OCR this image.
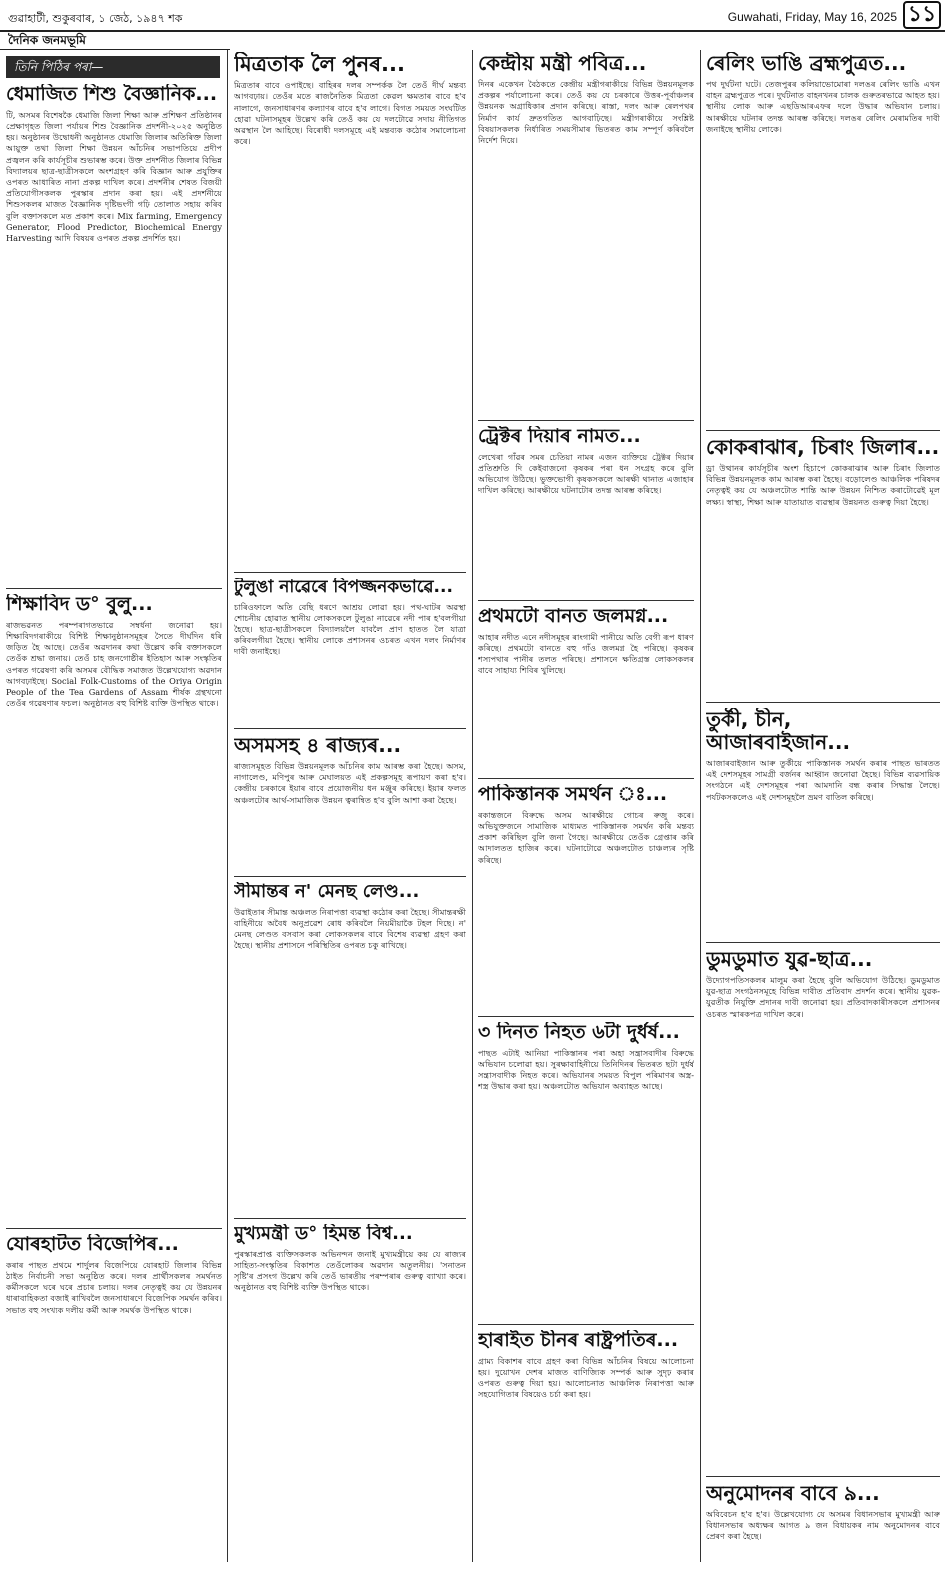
গুৱাহাটী, শুকুৰবাৰ, ১ জেঠ, ১৯৪৭ শক	Guwahati, Friday, May 16, 2025 ১১
দৈনিক জনমভূমি
তিনি পিঠিৰ পৰা—
ধেমাজিত শিশু বৈজ্ঞানিক...
টি, অসমৰ বিশেষকৈ ধেমাজি জিলা শিক্ষা আৰু প্ৰশিক্ষণ প্ৰতিষ্ঠানৰ প্ৰেক্ষাগৃহত জিলা পৰ্যায়ৰ শিশু বৈজ্ঞানিক প্ৰদৰ্শনী-২০২৫ অনুষ্ঠিত হয়। অনুষ্ঠানৰ উদ্বোধনী অনুষ্ঠানত ধেমাজি জিলাৰ অতিৰিক্ত জিলা আয়ুক্ত তথা জিলা শিক্ষা উন্নয়ন আঁচনিৰ সভাপতিয়ে প্ৰদীপ প্ৰজ্বলন কৰি কাৰ্যসূচীৰ শুভাৰম্ভ কৰে। উক্ত প্ৰদৰ্শনীত জিলাৰ বিভিন্ন বিদ্যালয়ৰ ছাত্ৰ-ছাত্ৰীসকলে অংশগ্ৰহণ কৰি বিজ্ঞান আৰু প্ৰযুক্তিৰ ওপৰত আধাৰিত নানা প্ৰকল্প দাখিল কৰে। প্ৰদৰ্শনীৰ শেষত বিজয়ী প্ৰতিযোগীসকলক পুৰস্কাৰ প্ৰদান কৰা হয়। এই প্ৰদৰ্শনীয়ে শিশুসকলৰ মাজত বৈজ্ঞানিক দৃষ্টিভংগী গঢ়ি তোলাত সহায় কৰিব বুলি বক্তাসকলে মত প্ৰকাশ কৰে। Mix farming, Emergency Generator, Flood Predictor, Biochemical Energy Harvesting আদি বিষয়ৰ ওপৰত প্ৰকল্প প্ৰদৰ্শিত হয়।
শিক্ষাবিদ ড° বুলু...
ৰাজভৱনত পৰম্পৰাগতভাৱে সম্বৰ্ধনা জনোৱা হয়। শিক্ষাবিদগৰাকীয়ে বিশিষ্ট শিক্ষানুষ্ঠানসমূহৰ সৈতে দীৰ্ঘদিন ধৰি জড়িত হৈ আছে। তেওঁৰ অৱদানৰ কথা উল্লেখ কৰি বক্তাসকলে তেওঁক শ্ৰদ্ধা জনায়। তেওঁ চাহ জনগোষ্ঠীৰ ইতিহাস আৰু সংস্কৃতিৰ ওপৰত গৱেষণা কৰি অসমৰ বৌদ্ধিক সমাজত উল্লেখযোগ্য অৱদান আগবঢ়াইছে। Social Folk-Customs of the Oriya Origin People of the Tea Gardens of Assam শীৰ্ষক গ্ৰন্থখনো তেওঁৰ গৱেষণাৰ ফচল। অনুষ্ঠানত বহু বিশিষ্ট ব্যক্তি উপস্থিত থাকে।
যোৰহাটত বিজেপিৰ...
কৰাৰ পাছত প্ৰথমে শাৰ্দুলৰ বিজেপিয়ে যোৰহাট জিলাৰ বিভিন্ন ঠাইত নিৰ্বাচনী সভা অনুষ্ঠিত কৰে। দলৰ প্ৰাৰ্থীসকলৰ সমৰ্থনত কৰ্মীসকলে ঘৰে ঘৰে প্ৰচাৰ চলায়। দলৰ নেতৃত্বই কয় যে উন্নয়নৰ ধাৰাবাহিকতা বজাই ৰাখিবলৈ জনসাধাৰণে বিজেপিক সমৰ্থন কৰিব। সভাত বহু সংখ্যক দলীয় কৰ্মী আৰু সমৰ্থক উপস্থিত থাকে।
মিত্ৰতাক লৈ পুনৰ...
মিত্ৰতাৰ বাবে ওপাইছে। বাহিৰৰ দলৰ সম্পৰ্কক লৈ তেওঁ দীৰ্ঘ মন্তব্য আগবঢ়ায়। তেওঁৰ মতে ৰাজনৈতিক মিত্ৰতা কেৱল ক্ষমতাৰ বাবে হ'ব নালাগে, জনসাধাৰণৰ কল্যাণৰ বাবে হ'ব লাগে। বিগত সময়ত সংঘটিত হোৱা ঘটনাসমূহৰ উল্লেখ কৰি তেওঁ কয় যে দলটোৱে সদায় নীতিগত অৱস্থান লৈ আহিছে। বিৰোধী দলসমূহে এই মন্তব্যক কঠোৰ সমালোচনা কৰে।
টুলুঙা নাৱেৰে বিপজ্জনকভাৱে...
চাৰিওফালে অতি বেছি ধৰণে আশ্ৰয় লোৱা হয়। পথ-ঘাটৰ অৱস্থা শোচনীয় হোৱাত স্থানীয় লোকসকলে টুলুঙা নাৱেৰে নদী পাৰ হ'বলগীয়া হৈছে। ছাত্ৰ-ছাত্ৰীসকলে বিদ্যালয়লৈ যাবলৈ প্ৰাণ হাতত লৈ যাত্ৰা কৰিবলগীয়া হৈছে। স্থানীয় লোকে প্ৰশাসনৰ ওচৰত এখন দলং নিৰ্মাণৰ দাবী জনাইছে।
অসমসহ ৪ ৰাজ্যৰ...
ৰাজ্যসমূহত বিভিন্ন উন্নয়নমূলক আঁচনিৰ কাম আৰম্ভ কৰা হৈছে। অসম, নাগালেণ্ড, মণিপুৰ আৰু মেঘালয়ত এই প্ৰকল্পসমূহ ৰূপায়ণ কৰা হ'ব। কেন্দ্ৰীয় চৰকাৰে ইয়াৰ বাবে প্ৰয়োজনীয় ধন মঞ্জুৰ কৰিছে। ইয়াৰ ফলত অঞ্চলটোৰ আৰ্থ-সামাজিক উন্নয়ন ত্বৰান্বিত হ'ব বুলি আশা কৰা হৈছে।
সীমান্তৰ ন' মেনছ লেণ্ড...
উৱাইতাৰ সীমান্ত অঞ্চলত নিৰাপত্তা ব্যৱস্থা কঠোৰ কৰা হৈছে। সীমান্তৰক্ষী বাহিনীয়ে অবৈধ অনুপ্ৰৱেশ ৰোধ কৰিবলৈ নিয়মীয়াকৈ টহল দিছে। ন' মেনছ লেণ্ডত বসবাস কৰা লোকসকলৰ বাবে বিশেষ ব্যৱস্থা গ্ৰহণ কৰা হৈছে। স্থানীয় প্ৰশাসনে পৰিস্থিতিৰ ওপৰত চকু ৰাখিছে।
মুখ্যমন্ত্ৰী ড° হিমন্ত বিশ্ব...
পুৰস্কাৰপ্ৰাপ্ত ব্যক্তিসকলক অভিনন্দন জনাই মুখ্যমন্ত্ৰীয়ে কয় যে ৰাজ্যৰ সাহিত্য-সংস্কৃতিৰ বিকাশত তেওঁলোকৰ অৱদান অতুলনীয়। 'সনাতন সৃষ্টি'ৰ প্ৰসংগ উল্লেখ কৰি তেওঁ ভাৰতীয় পৰম্পৰাৰ গুৰুত্ব ব্যাখ্যা কৰে। অনুষ্ঠানত বহু বিশিষ্ট ব্যক্তি উপস্থিত থাকে।
কেন্দ্ৰীয় মন্ত্ৰী পবিত্ৰ...
দিনৰ একেখন বৈঠকতে কেন্দ্ৰীয় মন্ত্ৰীগৰাকীয়ে বিভিন্ন উন্নয়নমূলক প্ৰকল্পৰ পৰ্যালোচনা কৰে। তেওঁ কয় যে চৰকাৰে উত্তৰ-পূৰ্বাঞ্চলৰ উন্নয়নক অগ্ৰাধিকাৰ প্ৰদান কৰিছে। ৰাস্তা, দলং আৰু ৰেলপথৰ নিৰ্মাণ কাৰ্য দ্ৰুতগতিত আগবাঢ়িছে। মন্ত্ৰীগৰাকীয়ে সংশ্লিষ্ট বিষয়াসকলক নিৰ্ধাৰিত সময়সীমাৰ ভিতৰত কাম সম্পূৰ্ণ কৰিবলৈ নিৰ্দেশ দিয়ে।
ট্ৰেক্টৰ দিয়াৰ নামত...
লেখেৰা গাঁৱৰ সমৰ চেতিয়া নামৰ এজন ব্যক্তিয়ে ট্ৰেক্টৰ দিয়াৰ প্ৰতিশ্ৰুতি দি কেইবাজনো কৃষকৰ পৰা ধন সংগ্ৰহ কৰে বুলি অভিযোগ উঠিছে। ভুক্তভোগী কৃষকসকলে আৰক্ষী থানাত এজাহাৰ দাখিল কৰিছে। আৰক্ষীয়ে ঘটনাটোৰ তদন্ত আৰম্ভ কৰিছে।
প্ৰথমটো বানত জলমগ্ন...
আহাৰ নদীত এনে নদীসমূহৰ ৰাংগামী পানীয়ে অতি বেগী ৰূপ ধাৰণ কৰিছে। প্ৰথমটো বানতে বহু গাঁও জলমগ্ন হৈ পৰিছে। কৃষকৰ শস্যপথাৰ পানীৰ তলত পৰিছে। প্ৰশাসনে ক্ষতিগ্ৰস্ত লোকসকলৰ বাবে সাহায্য শিবিৰ খুলিছে।
পাকিস্তানক সমৰ্থন ঃ...
ৰকান্তজনে বিৰুদ্ধে অসম আৰক্ষীয়ে গোচৰ ৰুজু কৰে। অভিযুক্তজনে সামাজিক মাধ্যমত পাকিস্তানক সমৰ্থন কৰি মন্তব্য প্ৰকাশ কৰিছিল বুলি জনা গৈছে। আৰক্ষীয়ে তেওঁক গ্ৰেপ্তাৰ কৰি আদালতত হাজিৰ কৰে। ঘটনাটোৱে অঞ্চলটোত চাঞ্চল্যৰ সৃষ্টি কৰিছে।
৩ দিনত নিহত ৬টা দুৰ্ধৰ্ষ...
পাছত এটাই আনিয়া পাকিস্তানৰ পৰা অহা সন্ত্ৰাসবাদীৰ বিৰুদ্ধে অভিযান চলোৱা হয়। সুৰক্ষাবাহিনীয়ে তিনিদিনৰ ভিতৰত ছটা দুৰ্ধৰ্ষ সন্ত্ৰাসবাদীক নিহত কৰে। অভিযানৰ সময়ত বিপুল পৰিমাণৰ অস্ত্ৰ-শস্ত্ৰ উদ্ধাৰ কৰা হয়। অঞ্চলটোত অভিযান অব্যাহত আছে।
হাৰাইত চীনৰ ৰাষ্ট্ৰপতিৰ...
গ্ৰাম্য বিকাশৰ বাবে গ্ৰহণ কৰা বিভিন্ন আঁচনিৰ বিষয়ে আলোচনা হয়। দুয়োখন দেশৰ মাজত বাণিজ্যিক সম্পৰ্ক আৰু সুদৃঢ় কৰাৰ ওপৰত গুৰুত্ব দিয়া হয়। আলোচনাত আঞ্চলিক নিৰাপত্তা আৰু সহযোগিতাৰ বিষয়েও চৰ্চা কৰা হয়।
ৰেলিং ভাঙি ব্ৰহ্মপুত্ৰত...
পথ দুৰ্ঘটনা ঘটে। তেজপুৰৰ কলিয়াভোমোৰা দলঙৰ ৰেলিং ভাঙি এখন বাহন ব্ৰহ্মপুত্ৰত পৰে। দুৰ্ঘটনাত বাহনখনৰ চালক গুৰুতৰভাৱে আহত হয়। স্থানীয় লোক আৰু এছডিআৰএফৰ দলে উদ্ধাৰ অভিযান চলায়। আৰক্ষীয়ে ঘটনাৰ তদন্ত আৰম্ভ কৰিছে। দলঙৰ ৰেলিং মেৰামতিৰ দাবী জনাইছে স্থানীয় লোকে।
কোকৰাঝাৰ, চিৰাং জিলাৰ...
ড্ৰা উত্থানৰ কাৰ্যসূচীৰ অংশ হিচাপে কোকৰাঝাৰ আৰু চিৰাং জিলাত বিভিন্ন উন্নয়নমূলক কাম আৰম্ভ কৰা হৈছে। বড়োলেণ্ড আঞ্চলিক পৰিষদৰ নেতৃত্বই কয় যে অঞ্চলটোত শান্তি আৰু উন্নয়ন নিশ্চিত কৰাটোৱেই মূল লক্ষ্য। স্বাস্থ্য, শিক্ষা আৰু যাতায়াত ব্যৱস্থাৰ উন্নয়নত গুৰুত্ব দিয়া হৈছে।
তুৰ্কী, চীন, আজাৰবাইজান...
আজাৰবাইজান আৰু তুৰ্কীয়ে পাকিস্তানক সমৰ্থন কৰাৰ পাছত ভাৰতত এই দেশসমূহৰ সামগ্ৰী বৰ্জনৰ আহ্বান জনোৱা হৈছে। বিভিন্ন ব্যৱসায়িক সংগঠনে এই দেশসমূহৰ পৰা আমদানি বন্ধ কৰাৰ সিদ্ধান্ত লৈছে। পৰ্যটকসকলেও এই দেশসমূহলৈ ভ্ৰমণ বাতিল কৰিছে।
ডুমডুমাত যুৱ-ছাত্ৰ...
উদ্যোগপতিসকলৰ মালুম কৰা হৈছে বুলি অভিযোগ উঠিছে। ডুমডুমাত যুৱ-ছাত্ৰ সংগঠনসমূহে বিভিন্ন দাবীত প্ৰতিবাদ প্ৰদৰ্শন কৰে। স্থানীয় যুৱক-যুৱতীক নিযুক্তি প্ৰদানৰ দাবী জনোৱা হয়। প্ৰতিবাদকাৰীসকলে প্ৰশাসনৰ ওচৰত স্মাৰকপত্ৰ দাখিল কৰে।
অনুমোদনৰ বাবে ৯...
অবিবেচন হ'ব হ'ব। উল্লেখযোগ্য যে অসমৰ বিধানসভাৰ মুখ্যমন্ত্ৰী আৰু বিধানসভাৰ অধ্যক্ষৰ আগত ৯ জন বিধায়কৰ নাম অনুমোদনৰ বাবে প্ৰেৰণ কৰা হৈছে।
